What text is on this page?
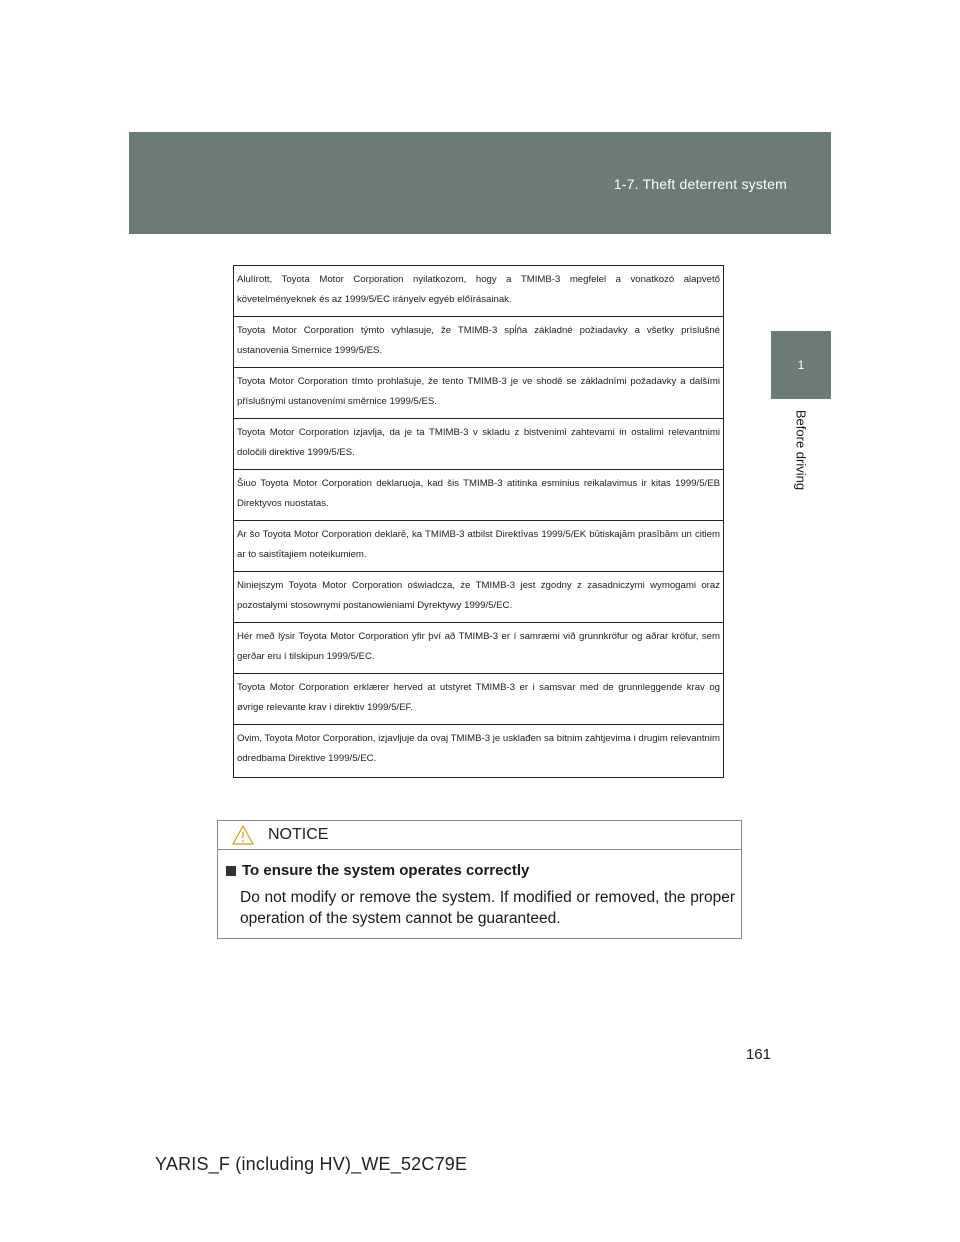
1-7. Theft deterrent system
1
Before driving
Alulírott, Toyota Motor Corporation nyilatkozom, hogy a TMIMB-3 megfelel a vonatkozó alapvető követelményeknek és az 1999/5/EC irányelv egyéb előírásainak.
Toyota Motor Corporation týmto vyhlasuje, že TMIMB-3 spĺňa základné požiadavky a všetky príslušné ustanovenia Smernice 1999/5/ES.
Toyota Motor Corporation tímto prohlašuje, že tento TMIMB-3 je ve shodě se základními požadavky a dalšími příslušnými ustanoveními směrnice 1999/5/ES.
Toyota Motor Corporation izjavlja, da je ta TMIMB-3 v skladu z bistvenimi zahtevami in ostalimi relevantnimi določili direktive 1999/5/ES.
Šiuo Toyota Motor Corporation deklaruoja, kad šis TMIMB-3 atitinka esminius reikalavimus ir kitas 1999/5/EB Direktyvos nuostatas.
Ar šo Toyota Motor Corporation deklarē, ka TMIMB-3 atbilst Direktīvas 1999/5/EK būtiskajām prasībām un citiem ar to saistītajiem noteikumiem.
Niniejszym Toyota Motor Corporation oświadcza, że TMIMB-3 jest zgodny z zasadniczymi wymogami oraz pozostałymi stosownymi postanowieniami Dyrektywy 1999/5/EC.
Hér með lýsir Toyota Motor Corporation yfir því að TMIMB-3 er í samræmi við grunnkröfur og aðrar kröfur, sem gerðar eru í tilskipun 1999/5/EC.
Toyota Motor Corporation erklærer herved at utstyret TMIMB-3 er i samsvar med de grunnleggende krav og øvrige relevante krav i direktiv 1999/5/EF.
Ovim, Toyota Motor Corporation, izjavljuje da ovaj TMIMB-3 je usklađen sa bitnim zahtjevima i drugim relevantnim odredbama Direktive 1999/5/EC.
NOTICE
To ensure the system operates correctly
Do not modify or remove the system. If modified or removed, the proper operation of the system cannot be guaranteed.
161
YARIS_F (including HV)_WE_52C79E
